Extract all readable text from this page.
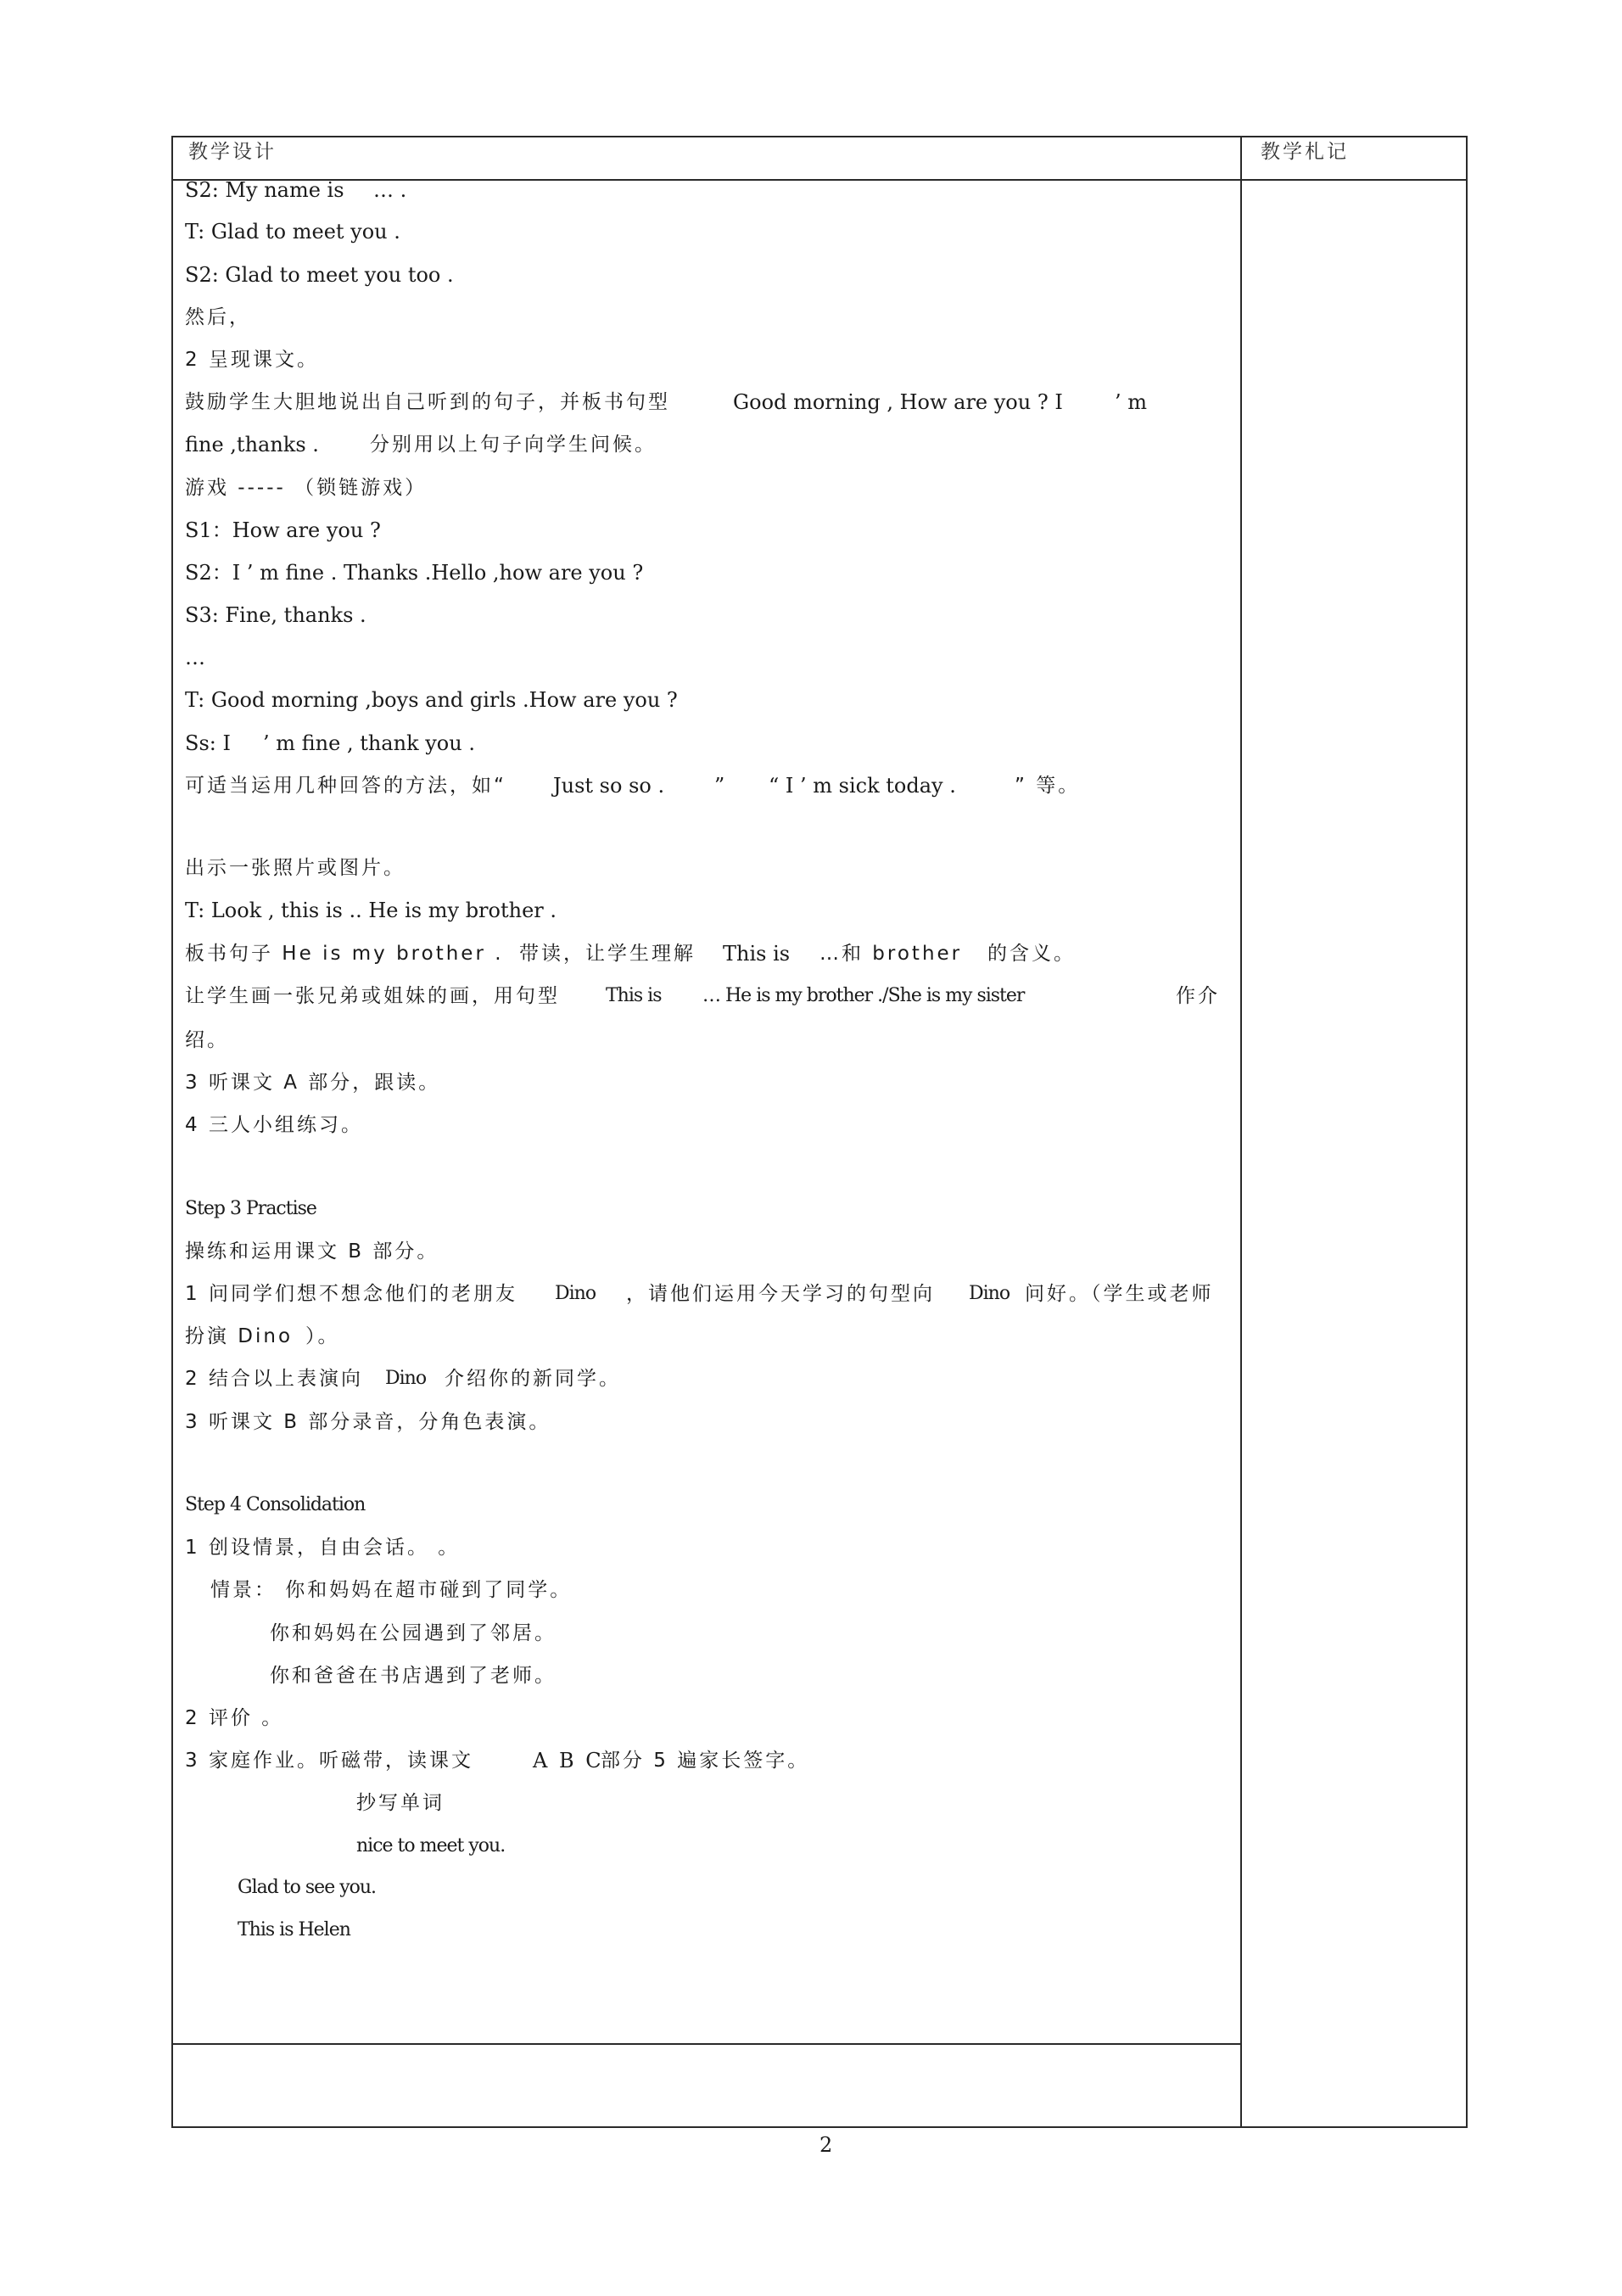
教学设计	教学札记
S2: My name is … .
T: Glad to meet you .
S2: Glad to meet you too .
然后，
2 呈现课文。
鼓励学生大胆地说出自己听到的句子，并板书句型	Good morning , How are you ? I	’ m
fine ,thanks .	分别用以上句子向学生问候。
游戏 ----- （锁链游戏）
S1：How are you ?
S2：I ’ m fine . Thanks .Hello ,how are you ?
S3: Fine, thanks .
…
T: Good morning ,boys and girls .How are you ?
Ss: I ’ m fine , thank you .
可适当运用几种回答的方法，如“ Just so so . ” “ I ’ m sick today .	” 等。
出示一张照片或图片。
T: Look , this is .. He is my brother .
板书句子 He is my brother . 带读，让学生理解 This is …和 brother 的含义。
让学生画一张兄弟或姐妹的画，用句型 This is … He is my brother ./She is my sister	作介
绍。
3 听课文 A 部分，跟读。
4 三人小组练习。
Step 3 Practise
操练和运用课文 B 部分。
1 问同学们想不想念他们的老朋友 Dino ，请他们运用今天学习的句型向 Dino 问好。（学生或老师
扮演 Dino ）。
2 结合以上表演向 Dino 介绍你的新同学。
3 听课文 B 部分录音，分角色表演。
Step 4 Consolidation
1 创设情景，自由会话。 。
情景： 你和妈妈在超市碰到了同学。
你和妈妈在公园遇到了邻居。
你和爸爸在书店遇到了老师。
2 评价 。
3 家庭作业。听磁带，读课文	A B C
部分 5 遍家长签字。
抄写单词
nice to meet you.
Glad to see you.
This is Helen
2
